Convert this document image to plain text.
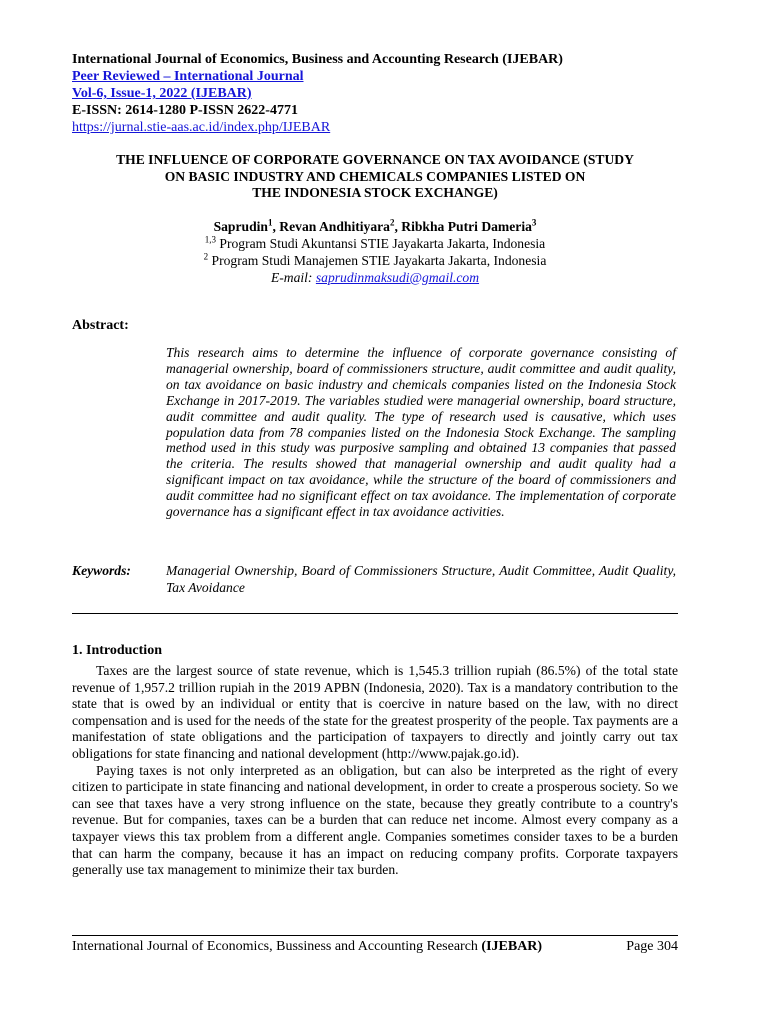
International Journal of Economics, Business and Accounting Research (IJEBAR)
Peer Reviewed – International Journal
Vol-6, Issue-1, 2022 (IJEBAR)
E-ISSN: 2614-1280 P-ISSN 2622-4771
https://jurnal.stie-aas.ac.id/index.php/IJEBAR
THE INFLUENCE OF CORPORATE GOVERNANCE ON TAX AVOIDANCE (STUDY
ON BASIC INDUSTRY AND CHEMICALS COMPANIES LISTED ON
THE INDONESIA STOCK EXCHANGE)
Saprudin$^1$, Revan Andhitiyara$^2$, Ribkha Putri Dameria$^3$
$^{1,3}$ Program Studi Akuntansi STIE Jayakarta Jakarta, Indonesia
$^2$ Program Studi Manajemen STIE Jayakarta Jakarta, Indonesia
E-mail: saprudinmaksudi@gmail.com
Abstract:
This research aims to determine the influence of corporate governance consisting of managerial ownership, board of commissioners structure, audit committee and audit quality, on tax avoidance on basic industry and chemicals companies listed on the Indonesia Stock Exchange in 2017-2019. The variables studied were managerial ownership, board structure, audit committee and audit quality. The type of research used is causative, which uses population data from 78 companies listed on the Indonesia Stock Exchange. The sampling method used in this study was purposive sampling and obtained 13 companies that passed the criteria. The results showed that managerial ownership and audit quality had a significant impact on tax avoidance, while the structure of the board of commissioners and audit committee had no significant effect on tax avoidance. The implementation of corporate governance has a significant effect in tax avoidance activities.
Keywords:	Managerial Ownership, Board of Commissioners Structure, Audit Committee, Audit Quality, Tax Avoidance
1. Introduction

Taxes are the largest source of state revenue, which is 1,545.3 trillion rupiah (86.5%) of the total state revenue of 1,957.2 trillion rupiah in the 2019 APBN (Indonesia, 2020). Tax is a mandatory contribution to the state that is owed by an individual or entity that is coercive in nature based on the law, with no direct compensation and is used for the needs of the state for the greatest prosperity of the people. Tax payments are a manifestation of state obligations and the participation of taxpayers to directly and jointly carry out tax obligations for state financing and national development (http://www.pajak.go.id).

Paying taxes is not only interpreted as an obligation, but can also be interpreted as the right of every citizen to participate in state financing and national development, in order to create a prosperous society. So we can see that taxes have a very strong influence on the state, because they greatly contribute to a country's revenue. But for companies, taxes can be a burden that can reduce net income. Almost every company as a taxpayer views this tax problem from a different angle. Companies sometimes consider taxes to be a burden that can harm the company, because it has an impact on reducing company profits. Corporate taxpayers generally use tax management to minimize their tax burden.

International Journal of Economics, Bussiness and Accounting Research (IJEBAR)	Page 304
